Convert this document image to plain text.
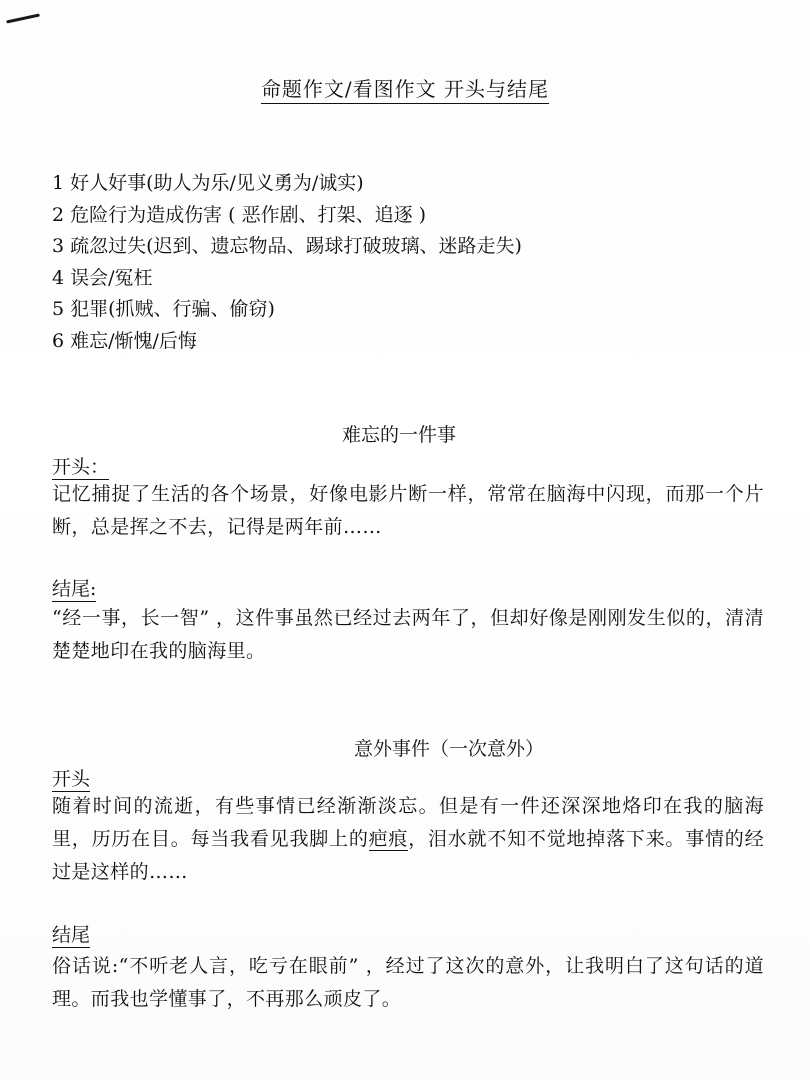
命题作文/看图作文 开头与结尾
1 好人好事(助人为乐/见义勇为/诚实)
2 危险行为造成伤害 ( 恶作剧、打架、追逐 )
3 疏忽过失(迟到、遗忘物品、踢球打破玻璃、迷路走失)
4 误会/冤枉
5 犯罪(抓贼、行骗、偷窃)
6 难忘/惭愧/后悔
难忘的一件事
开头：

记忆捕捉了生活的各个场景，好像电影片断一样，常常在脑海中闪现，而那一个片断，总是挥之不去，记得是两年前……

结尾:

“经一事，长一智” ，这件事虽然已经过去两年了，但却好像是刚刚发生似的，清清楚楚地印在我的脑海里。

意外事件（一次意外）
开头

随着时间的流逝，有些事情已经渐渐淡忘。但是有一件还深深地烙印在我的脑海里，历历在目。每当我看见我脚上的疤痕，泪水就不知不觉地掉落下来。事情的经过是这样的……

结尾

俗话说:“不听老人言，吃亏在眼前” ，经过了这次的意外，让我明白了这句话的道理。而我也学懂事了，不再那么顽皮了。
